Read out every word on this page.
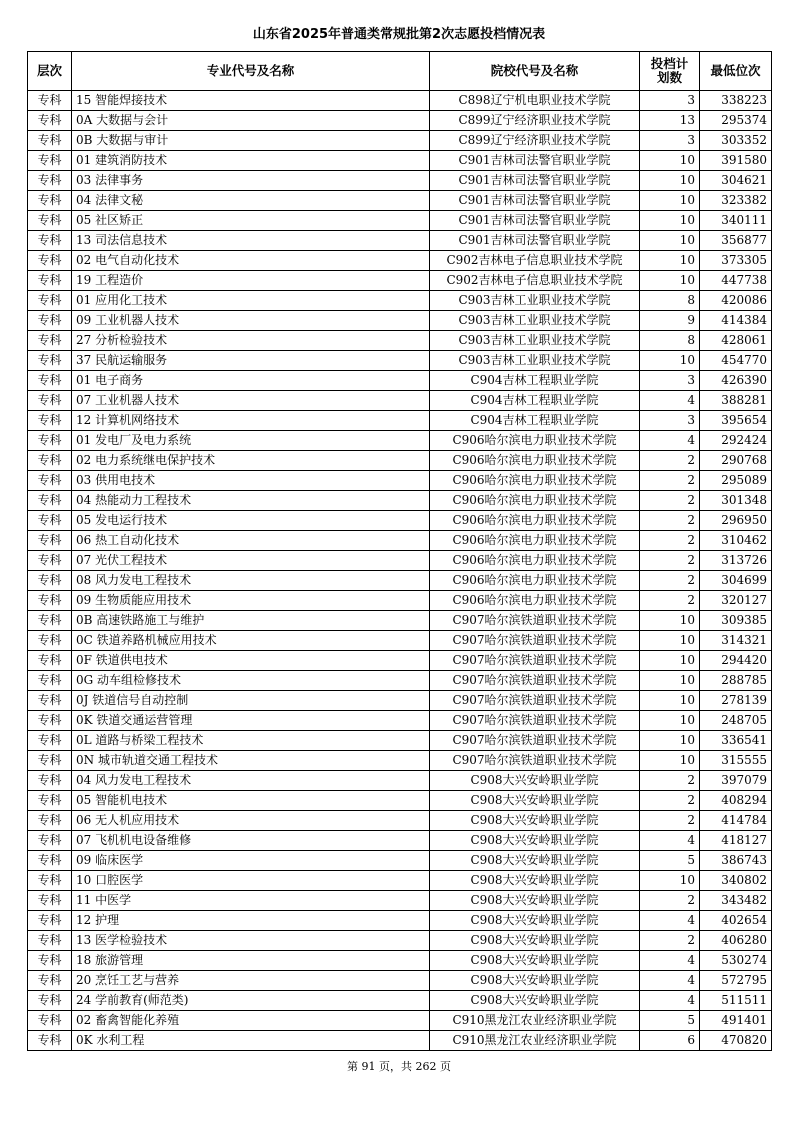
山东省2025年普通类常规批第2次志愿投档情况表
层次	专业代号及名称	院校代号及名称	投档计划数	最低位次
专科	15 智能焊接技术	C898辽宁机电职业技术学院	3	338223
专科	0A 大数据与会计	C899辽宁经济职业技术学院	13	295374
专科	0B 大数据与审计	C899辽宁经济职业技术学院	3	303352
专科	01 建筑消防技术	C901吉林司法警官职业学院	10	391580
专科	03 法律事务	C901吉林司法警官职业学院	10	304621
专科	04 法律文秘	C901吉林司法警官职业学院	10	323382
专科	05 社区矫正	C901吉林司法警官职业学院	10	340111
专科	13 司法信息技术	C901吉林司法警官职业学院	10	356877
专科	02 电气自动化技术	C902吉林电子信息职业技术学院	10	373305
专科	19 工程造价	C902吉林电子信息职业技术学院	10	447738
专科	01 应用化工技术	C903吉林工业职业技术学院	8	420086
专科	09 工业机器人技术	C903吉林工业职业技术学院	9	414384
专科	27 分析检验技术	C903吉林工业职业技术学院	8	428061
专科	37 民航运输服务	C903吉林工业职业技术学院	10	454770
专科	01 电子商务	C904吉林工程职业学院	3	426390
专科	07 工业机器人技术	C904吉林工程职业学院	4	388281
专科	12 计算机网络技术	C904吉林工程职业学院	3	395654
专科	01 发电厂及电力系统	C906哈尔滨电力职业技术学院	4	292424
专科	02 电力系统继电保护技术	C906哈尔滨电力职业技术学院	2	290768
专科	03 供用电技术	C906哈尔滨电力职业技术学院	2	295089
专科	04 热能动力工程技术	C906哈尔滨电力职业技术学院	2	301348
专科	05 发电运行技术	C906哈尔滨电力职业技术学院	2	296950
专科	06 热工自动化技术	C906哈尔滨电力职业技术学院	2	310462
专科	07 光伏工程技术	C906哈尔滨电力职业技术学院	2	313726
专科	08 风力发电工程技术	C906哈尔滨电力职业技术学院	2	304699
专科	09 生物质能应用技术	C906哈尔滨电力职业技术学院	2	320127
专科	0B 高速铁路施工与维护	C907哈尔滨铁道职业技术学院	10	309385
专科	0C 铁道养路机械应用技术	C907哈尔滨铁道职业技术学院	10	314321
专科	0F 铁道供电技术	C907哈尔滨铁道职业技术学院	10	294420
专科	0G 动车组检修技术	C907哈尔滨铁道职业技术学院	10	288785
专科	0J 铁道信号自动控制	C907哈尔滨铁道职业技术学院	10	278139
专科	0K 铁道交通运营管理	C907哈尔滨铁道职业技术学院	10	248705
专科	0L 道路与桥梁工程技术	C907哈尔滨铁道职业技术学院	10	336541
专科	0N 城市轨道交通工程技术	C907哈尔滨铁道职业技术学院	10	315555
专科	04 风力发电工程技术	C908大兴安岭职业学院	2	397079
专科	05 智能机电技术	C908大兴安岭职业学院	2	408294
专科	06 无人机应用技术	C908大兴安岭职业学院	2	414784
专科	07 飞机机电设备维修	C908大兴安岭职业学院	4	418127
专科	09 临床医学	C908大兴安岭职业学院	5	386743
专科	10 口腔医学	C908大兴安岭职业学院	10	340802
专科	11 中医学	C908大兴安岭职业学院	2	343482
专科	12 护理	C908大兴安岭职业学院	4	402654
专科	13 医学检验技术	C908大兴安岭职业学院	2	406280
专科	18 旅游管理	C908大兴安岭职业学院	4	530274
专科	20 烹饪工艺与营养	C908大兴安岭职业学院	4	572795
专科	24 学前教育(师范类)	C908大兴安岭职业学院	4	511511
专科	02 畜禽智能化养殖	C910黑龙江农业经济职业学院	5	491401
专科	0K 水利工程	C910黑龙江农业经济职业学院	6	470820
第 91 页，共 262 页
